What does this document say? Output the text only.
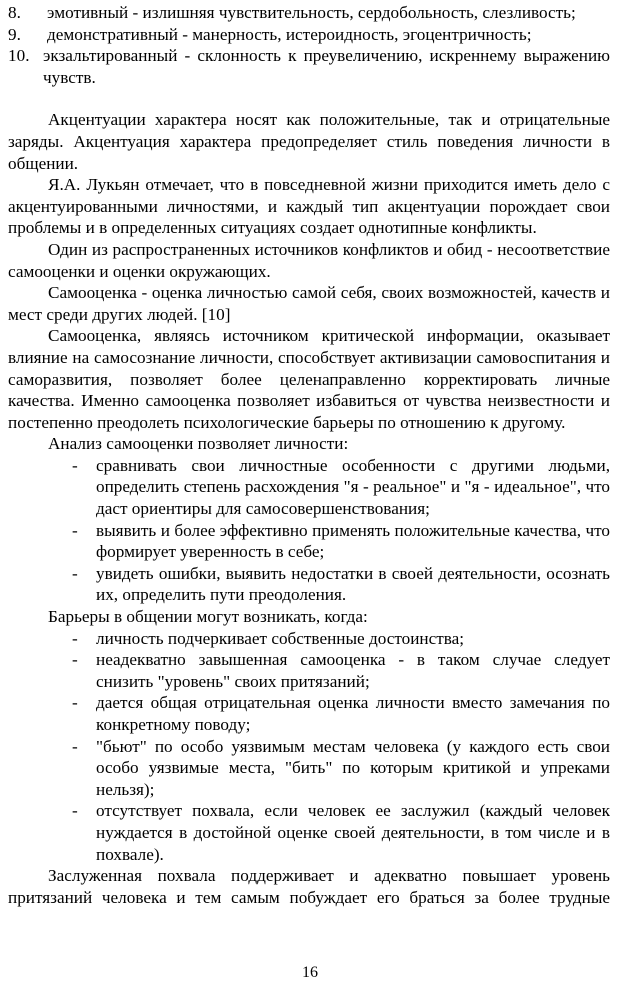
8.	эмотивный - излишняя чувствительность, сердобольность, слезливость;
9.	демонстративный - манерность, истероидность, эгоцентричность;
10. экзальтированный - склонность к преувеличению, искреннему выражению чувств.

Акцентуации характера носят как положительные, так и отрицательные заряды. Акцентуация характера предопределяет стиль поведения личности в общении.

Я.А. Лукьян отмечает, что в повседневной жизни приходится иметь дело с акцентуированными личностями, и каждый тип акцентуации порождает свои проблемы и в определенных ситуациях создает однотипные конфликты.

Один из распространенных источников конфликтов и обид - несоответствие самооценки и оценки окружающих.

Самооценка - оценка личностью самой себя, своих возможностей, качеств и мест среди других людей. [10]

Самооценка, являясь источником критической информации, оказывает влияние на самосознание личности, способствует активизации самовоспитания и саморазвития, позволяет более целенаправленно корректировать личные качества. Именно самооценка позволяет избавиться от чувства неизвестности и постепенно преодолеть психологические барьеры по отношению к другому.

Анализ самооценки позволяет личности:

-	сравнивать свои личностные особенности с другими людьми, определить степень расхождения "я - реальное" и "я - идеальное", что даст ориентиры для самосовершенствования;
-	выявить и более эффективно применять положительные качества, что формирует уверенность в себе;
-	увидеть ошибки, выявить недостатки в своей деятельности, осознать их, определить пути преодоления.

Барьеры в общении могут возникать, когда:

-	личность подчеркивает собственные достоинства;
-	неадекватно завышенная самооценка - в таком случае следует снизить "уровень" своих притязаний;
-	дается общая отрицательная оценка личности вместо замечания по конкретному поводу;
-	"бьют" по особо уязвимым местам человека (у каждого есть свои особо уязвимые места, "бить" по которым критикой и упреками нельзя);
-	отсутствует похвала, если человек ее заслужил (каждый человек нуждается в достойной оценке своей деятельности, в том числе и в похвале).

Заслуженная похвала поддерживает и адекватно повышает уровень притязаний человека и тем самым побуждает его браться за более трудные

16
